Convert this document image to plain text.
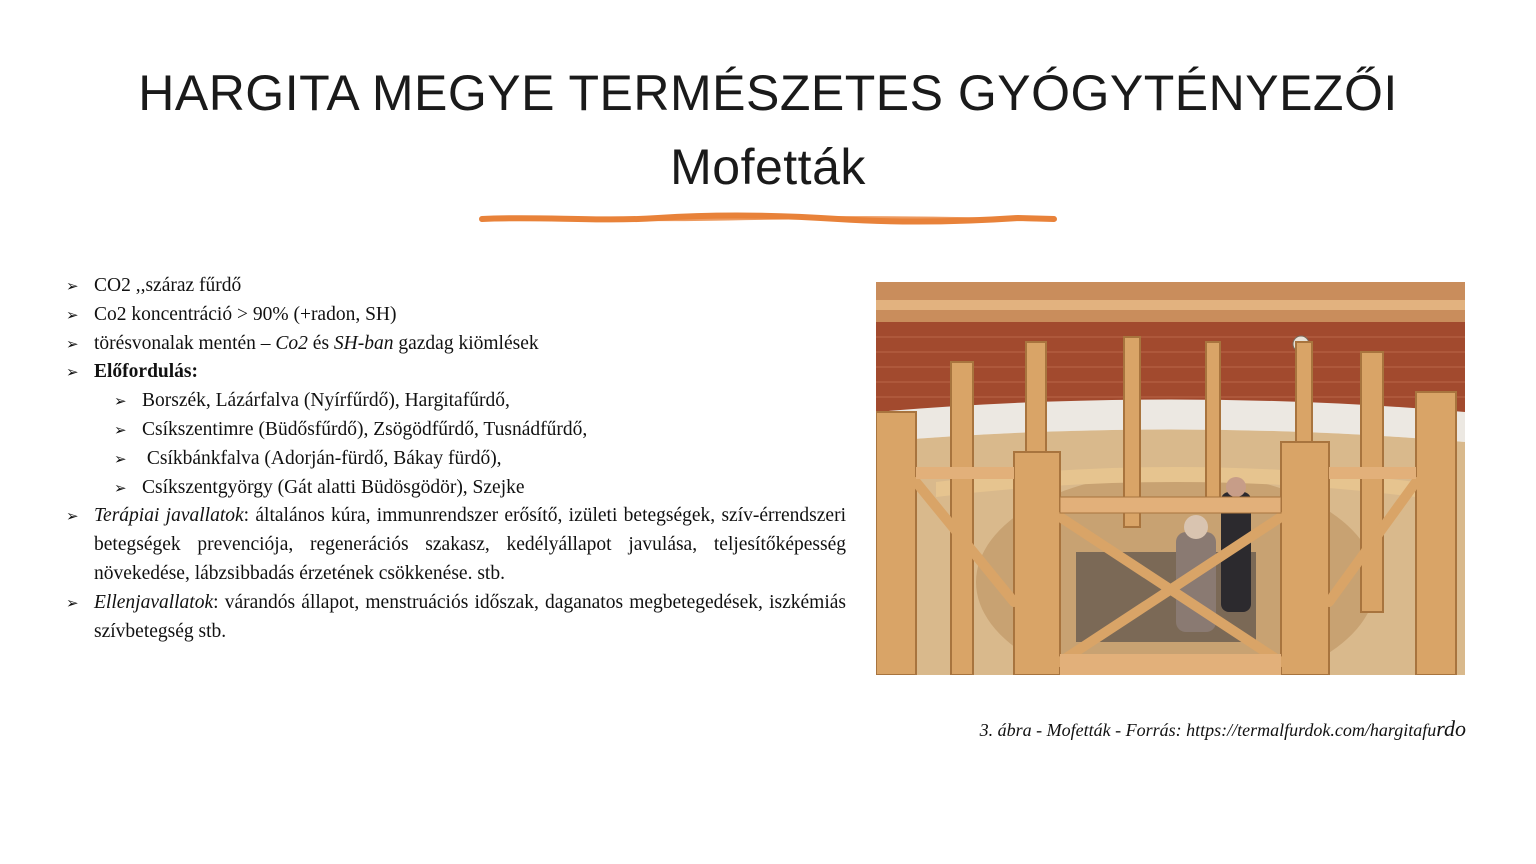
HARGITA MEGYE TERMÉSZETES GYÓGYTÉNYEZŐI
Mofetták
➢ CO2 ,,száraz fűrdő
➢ Co2 koncentráció > 90% (+radon, SH)
➢ törésvonalak mentén – Co2 és SH-ban gazdag kiömlések
➢ Előfordulás:
➢ Borszék, Lázárfalva (Nyírfűrdő), Hargitafűrdő,
➢ Csíkszentimre (Büdősfűrdő), Zsögödfűrdő, Tusnádfűrdő,
➢ Csíkbánkfalva (Adorján-fürdő, Bákay fürdő),
➢ Csíkszentgyörgy (Gát alatti Büdösgödör), Szejke
➢ Terápiai javallatok: általános kúra, immunrendszer erősítő, izületi betegségek, szív-érrendszeri betegségek prevenciója, regenerációs szakasz, kedélyállapot javulása, teljesítőképesség növekedése, lábzsibbadás érzetének csökkenése. stb.
➢ Ellenjavallatok: várandós állapot, menstruációs időszak, daganatos megbetegedések, iszkémiás szívbetegség stb.
3. ábra - Mofetták - Forrás: https://termalfurdok.com/hargitafurdo
